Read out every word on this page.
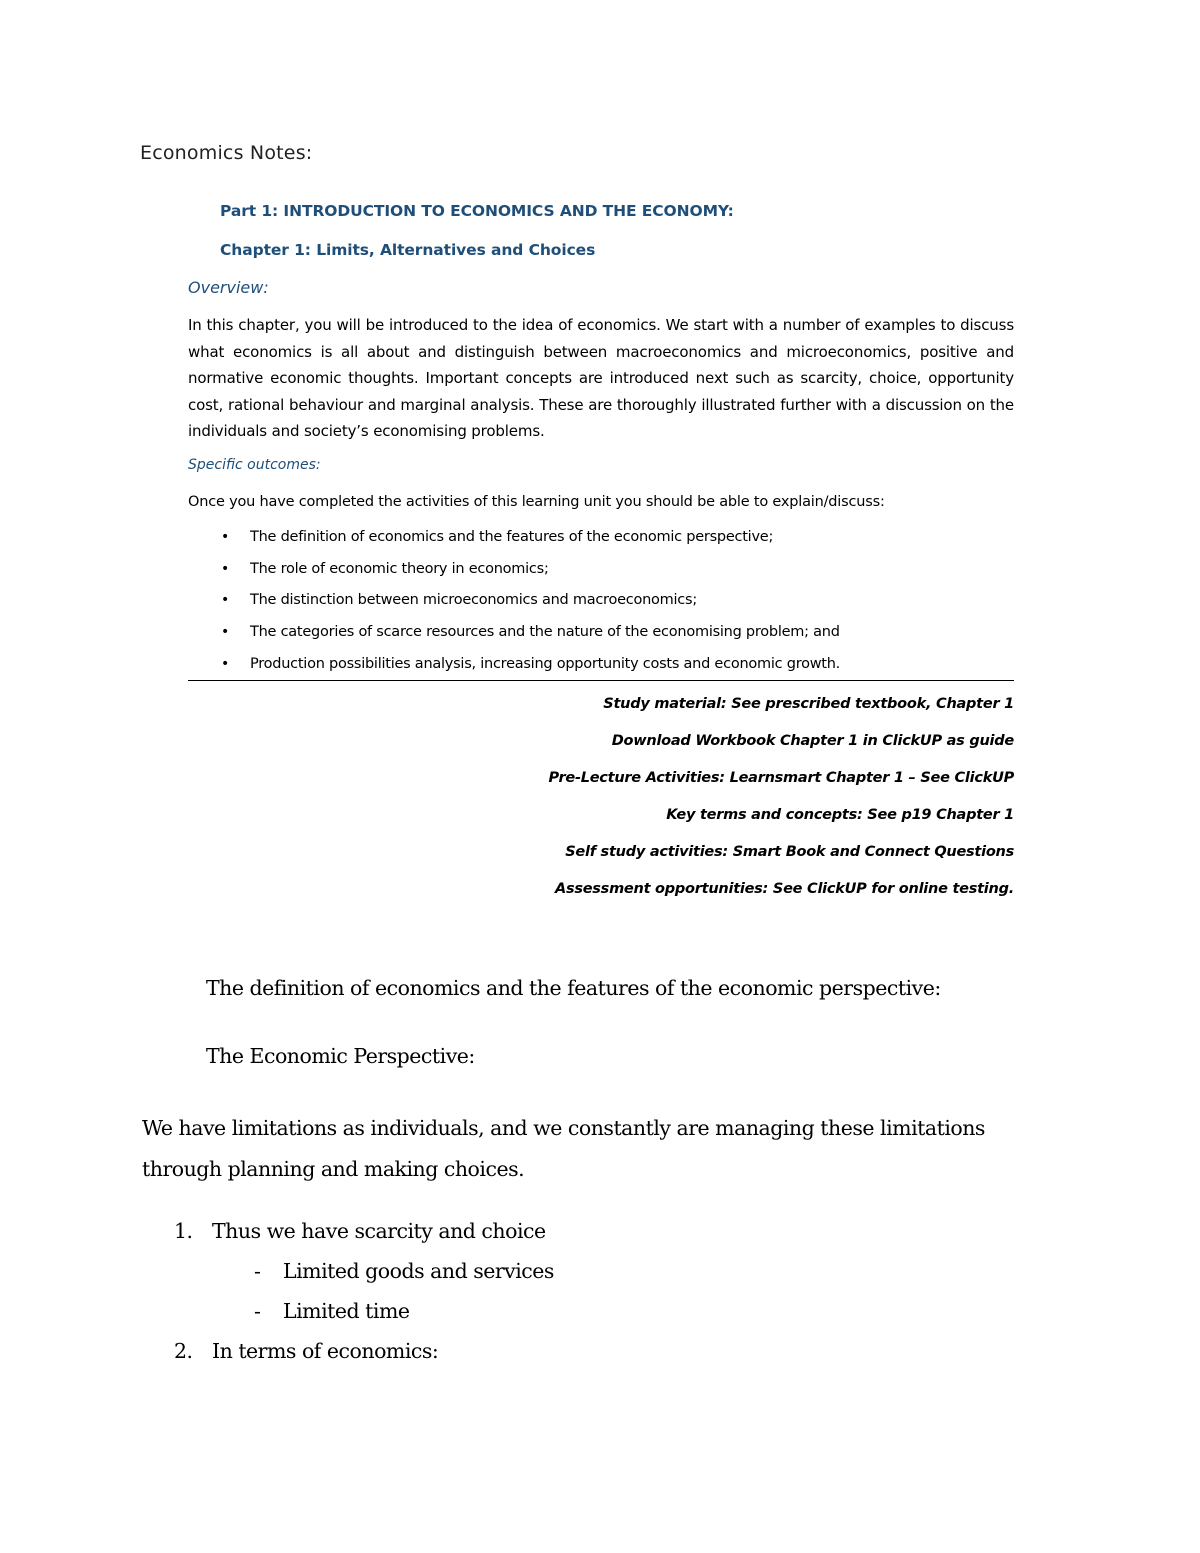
Economics Notes:
Part 1: INTRODUCTION TO ECONOMICS AND THE ECONOMY:
Chapter 1: Limits, Alternatives and Choices
Overview:
In this chapter, you will be introduced to the idea of economics. We start with a number of examples to discuss what economics is all about and distinguish between macroeconomics and microeconomics, positive and normative economic thoughts. Important concepts are introduced next such as scarcity, choice, opportunity cost, rational behaviour and marginal analysis. These are thoroughly illustrated further with a discussion on the individuals and society’s economising problems.
Specific outcomes:
Once you have completed the activities of this learning unit you should be able to explain/discuss:
• The definition of economics and the features of the economic perspective;
• The role of economic theory in economics;
• The distinction between microeconomics and macroeconomics;
• The categories of scarce resources and the nature of the economising problem; and
• Production possibilities analysis, increasing opportunity costs and economic growth.
Study material: See prescribed textbook, Chapter 1
Download Workbook Chapter 1 in ClickUP as guide
Pre-Lecture Activities: Learnsmart Chapter 1 – See ClickUP
Key terms and concepts: See p19 Chapter 1
Self study activities: Smart Book and Connect Questions
Assessment opportunities: See ClickUP for online testing.
The definition of economics and the features of the economic perspective:
The Economic Perspective:
We have limitations as individuals, and we constantly are managing these limitations through planning and making choices.
1. Thus we have scarcity and choice
- Limited goods and services
- Limited time
2. In terms of economics:
